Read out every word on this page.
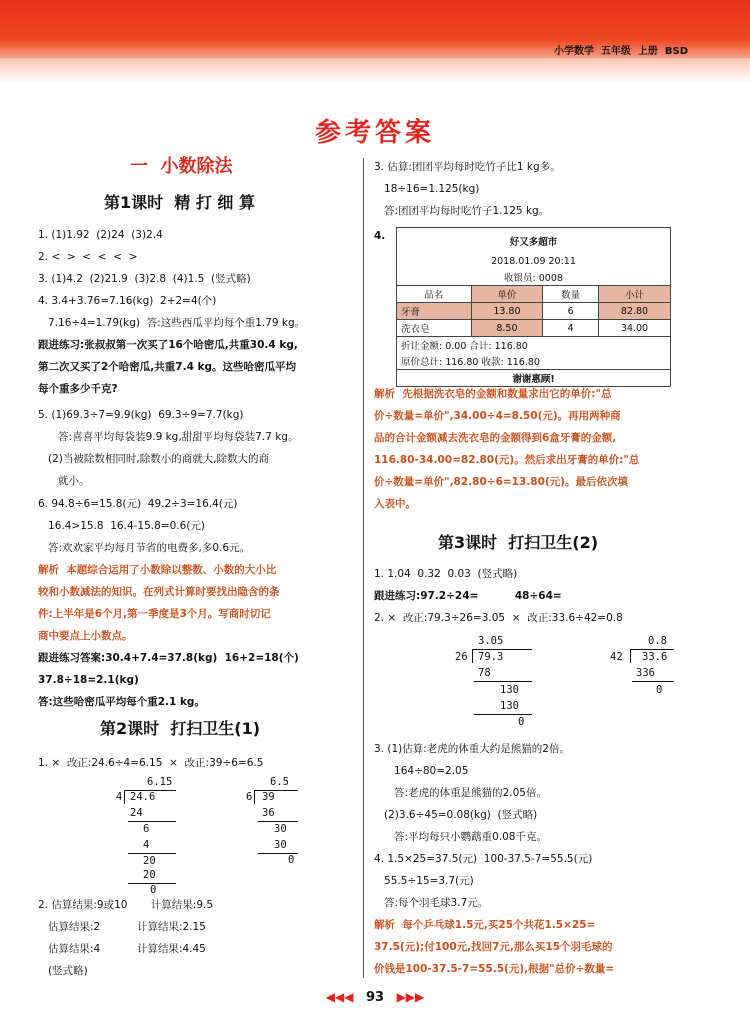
小学数学  五年级  上册  BSD
参考答案
一  小数除法
第1课时  精 打 细 算
1. (1)1.92  (2)24  (3)2.4
2. <  >  <  <  <  >
3. (1)4.2  (2)21.9  (3)2.8  (4)1.5  (竖式略)
4. 3.4+3.76=7.16(kg)  2+2=4(个)
7.16÷4=1.79(kg)  答:这些西瓜平均每个重1.79 kg。
跟进练习:张叔叔第一次买了16个哈密瓜,共重30.4 kg,
第二次又买了2个哈密瓜,共重7.4 kg。这些哈密瓜平均
每个重多少千克?
5. (1)69.3÷7=9.9(kg)  69.3÷9=7.7(kg)
答:喜喜平均每袋装9.9 kg,甜甜平均每袋装7.7 kg。
(2)当被除数相同时,除数小的商就大,除数大的商
就小。
6. 94.8÷6=15.8(元)  49.2÷3=16.4(元)
16.4>15.8  16.4-15.8=0.6(元)
答:欢欢家平均每月节省的电费多,多0.6元。
解析  本题综合运用了小数除以整数、小数的大小比
较和小数减法的知识。在列式计算时要找出隐含的条
件:上半年是6个月,第一季度是3个月。写商时切记
商中要点上小数点。
跟进练习答案:30.4+7.4=37.8(kg)  16+2=18(个)
37.8÷18=2.1(kg)
答:这些哈密瓜平均每个重2.1 kg。
第2课时  打扫卫生(1)
1. ×  改正:24.6÷4=6.15  ×  改正:39÷6=6.5
6.15
4 24.6
24
6
4
20
20
0
6.5
6 39
36
30
30
0
2. 估算结果:9或10       计算结果:9.5
估算结果:2           计算结果:2.15
估算结果:4           计算结果:4.45
(竖式略)
3. 估算:团团平均每时吃竹子比1 kg多。
18÷16=1.125(kg)
答:团团平均每时吃竹子1.125 kg。
4.
好又多超市			
2018.01.09 20:11			
收银员: 0008			
品名	单价	数量	小计
牙膏	13.80	6	82.80
洗衣皂	8.50	4	34.00
折让金额: 0.00 合计: 116.80			
原价总计: 116.80 收款: 116.80			
谢谢惠顾!			
解析  先根据洗衣皂的金额和数量求出它的单价:"总
价÷数量=单价",34.00÷4=8.50(元)。再用两种商
品的合计金额减去洗衣皂的金额得到6盒牙膏的金额,
116.80-34.00=82.80(元)。然后求出牙膏的单价:"总
价÷数量=单价",82.80÷6=13.80(元)。最后依次填
入表中。
第3课时  打扫卫生(2)
1. 1.04  0.32  0.03  (竖式略)
跟进练习:97.2÷24=          48÷64=
2. ×  改正:79.3÷26=3.05  ×  改正:33.6÷42=0.8
3.05
26 79.3
78
130
130
0
0.8
42 33.6
336
0
3. (1)估算:老虎的体重大约是熊猫的2倍。
164÷80=2.05
答:老虎的体重是熊猫的2.05倍。
(2)3.6÷45=0.08(kg)  (竖式略)
答:平均每只小鹦鹉重0.08千克。
4. 1.5×25=37.5(元)  100-37.5-7=55.5(元)
55.5÷15=3.7(元)
答:每个羽毛球3.7元。
解析  每个乒乓球1.5元,买25个共花1.5×25=
37.5(元);付100元,找回7元,那么买15个羽毛球的
价钱是100-37.5-7=55.5(元),根据"总价÷数量=
◀◀◀ 93 ▶▶▶
